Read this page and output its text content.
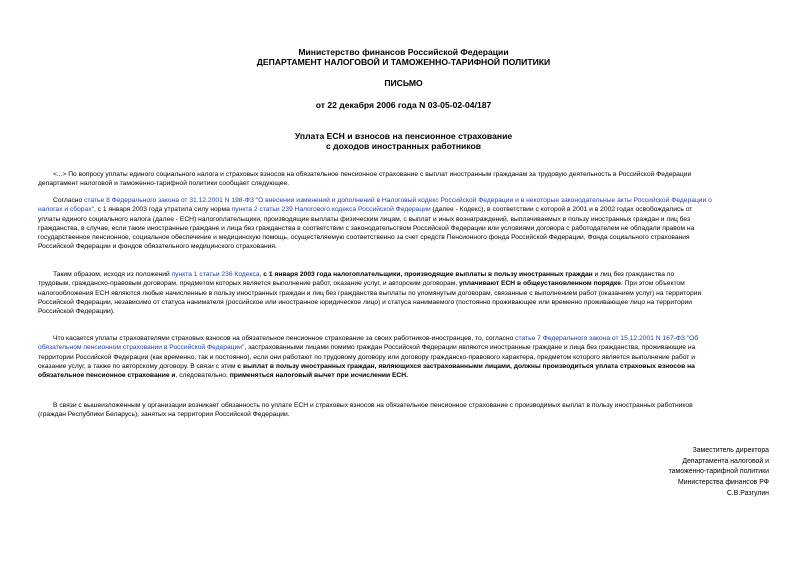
Министерство финансов Российской Федерации
ДЕПАРТАМЕНТ НАЛОГОВОЙ И ТАМОЖЕННО-ТАРИФНОЙ ПОЛИТИКИ
ПИСЬМО
от 22 декабря 2006 года N 03-05-02-04/187
Уплата ЕСН и взносов на пенсионное страхование
с доходов иностранных работников
<...> По вопросу уплаты единого социального налога и страховых взносов на обязательное пенсионное страхование с выплат иностранным гражданам за трудовую деятельность в Российской Федерации
департамент налоговой и таможенно-тарифной политики сообщает следующее.
Согласно статье 8 Федерального закона от 31.12.2001 N 198-ФЗ "О внесении изменений и дополнений в Налоговый кодекс Российской Федерации и в некоторые законодательные акты Российской Федерации о
налогах и сборах", с 1 января 2003 года утратила силу норма пункта 2 статьи 239 Налогового кодекса Российской Федерации (далее - Кодекс), в соответствии с которой в 2001 и в 2002 годах освобождались от
уплаты единого социального налога (далее - ЕСН) налогоплательщики, производящие выплаты физическим лицам, с выплат и иных вознаграждений, выплачиваемых в пользу иностранных граждан и лиц без
гражданства, в случае, если такие иностранные граждане и лица без гражданства в соответствии с законодательством Российской Федерации или условиями договора с работодателем не обладали правом на
государственное пенсионное, социальное обеспечение и медицинскую помощь, осуществляемую соответственно за счет средств Пенсионного фонда Российской Федерации, Фонда социального страхования
Российской Федерации и фондов обязательного медицинского страхования.
Таким образом, исходя из положений пункта 1 статьи 236 Кодекса, с 1 января 2003 года налогоплательщики, производящие выплаты в пользу иностранных граждан и лиц без гражданства по
трудовым, гражданско-правовым договорам, предметом которых является выполнение работ, оказание услуг, и авторским договорам, уплачивают ЕСН в общеустановленном порядке. При этом объектом
налогообложения ЕСН являются любые начисленные в пользу иностранных граждан и лиц без гражданства выплаты по упомянутым договорам, связанные с выполнением работ (оказанием услуг) на территории
Российской Федерации, независимо от статуса нанимателя (российское или иностранное юридическое лицо) и статуса нанимаемого (постоянно проживающее или временно проживающее лицо на территории
Российской Федерации).
Что касается уплаты страхователями страховых взносов на обязательное пенсионное страхование за своих работников-иностранцев, то, согласно статье 7 Федерального закона от 15.12.2001 N 167-ФЗ "Об
обязательном пенсионном страховании в Российской Федерации", застрахованными лицами помимо граждан Российской Федерации являются иностранные граждане и лица без гражданства, проживающие на
территории Российской Федерации (как временно, так и постоянно), если они работают по трудовому договору или договору гражданско-правового характера, предметом которого является выполнение работ и
оказание услуг, а также по авторскому договору. В связи с этим с выплат в пользу иностранных граждан, являющихся застрахованными лицами, должны производиться уплата страховых взносов на
обязательное пенсионное страхование и, следовательно, применяться налоговый вычет при исчислении ЕСН.
В связи с вышеизложенным у организации возникает обязанность по уплате ЕСН и страховых взносов на обязательное пенсионное страхование с производимых выплат в пользу иностранных работников
(граждан Республики Беларусь), занятых на территории Российской Федерации.
Заместитель директора
Департамента налоговой и
таможенно-тарифной политики
Министерства финансов РФ
С.В.Разгулин
